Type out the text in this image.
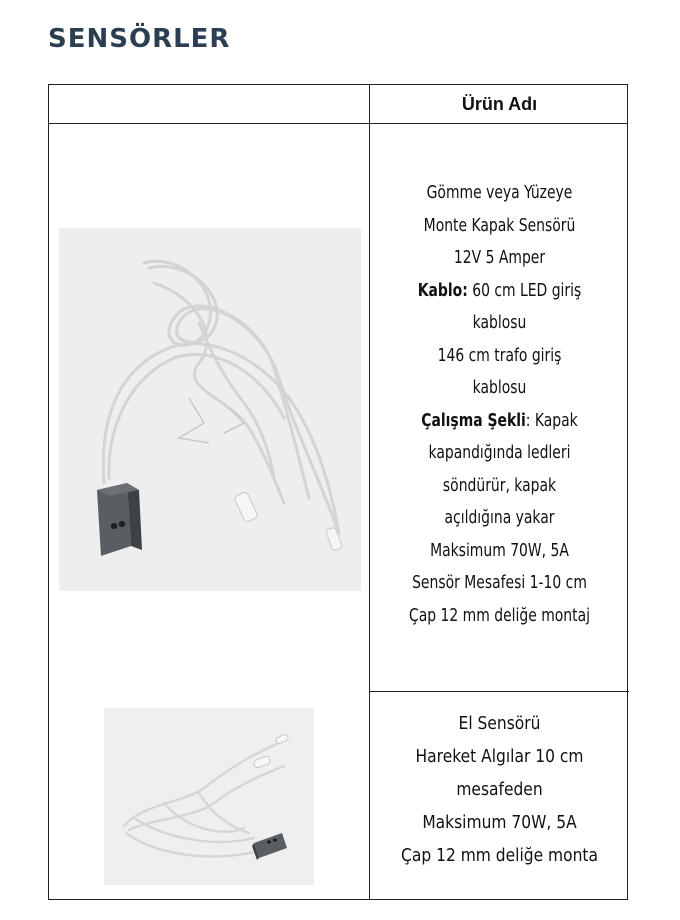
SENSÖRLER
Ürün Adı
Gömme veya Yüzeye
Monte Kapak Sensörü
12V 5 Amper
Kablo: 60 cm LED giriş
kablosu
146 cm trafo giriş
kablosu
Çalışma Şekli: Kapak
kapandığında ledleri
söndürür, kapak
açıldığına yakar
Maksimum 70W, 5A
Sensör Mesafesi 1-10 cm
Çap 12 mm deliğe montaj
El Sensörü
Hareket Algılar 10 cm
mesafeden
Maksimum 70W, 5A
Çap 12 mm deliğe monta
